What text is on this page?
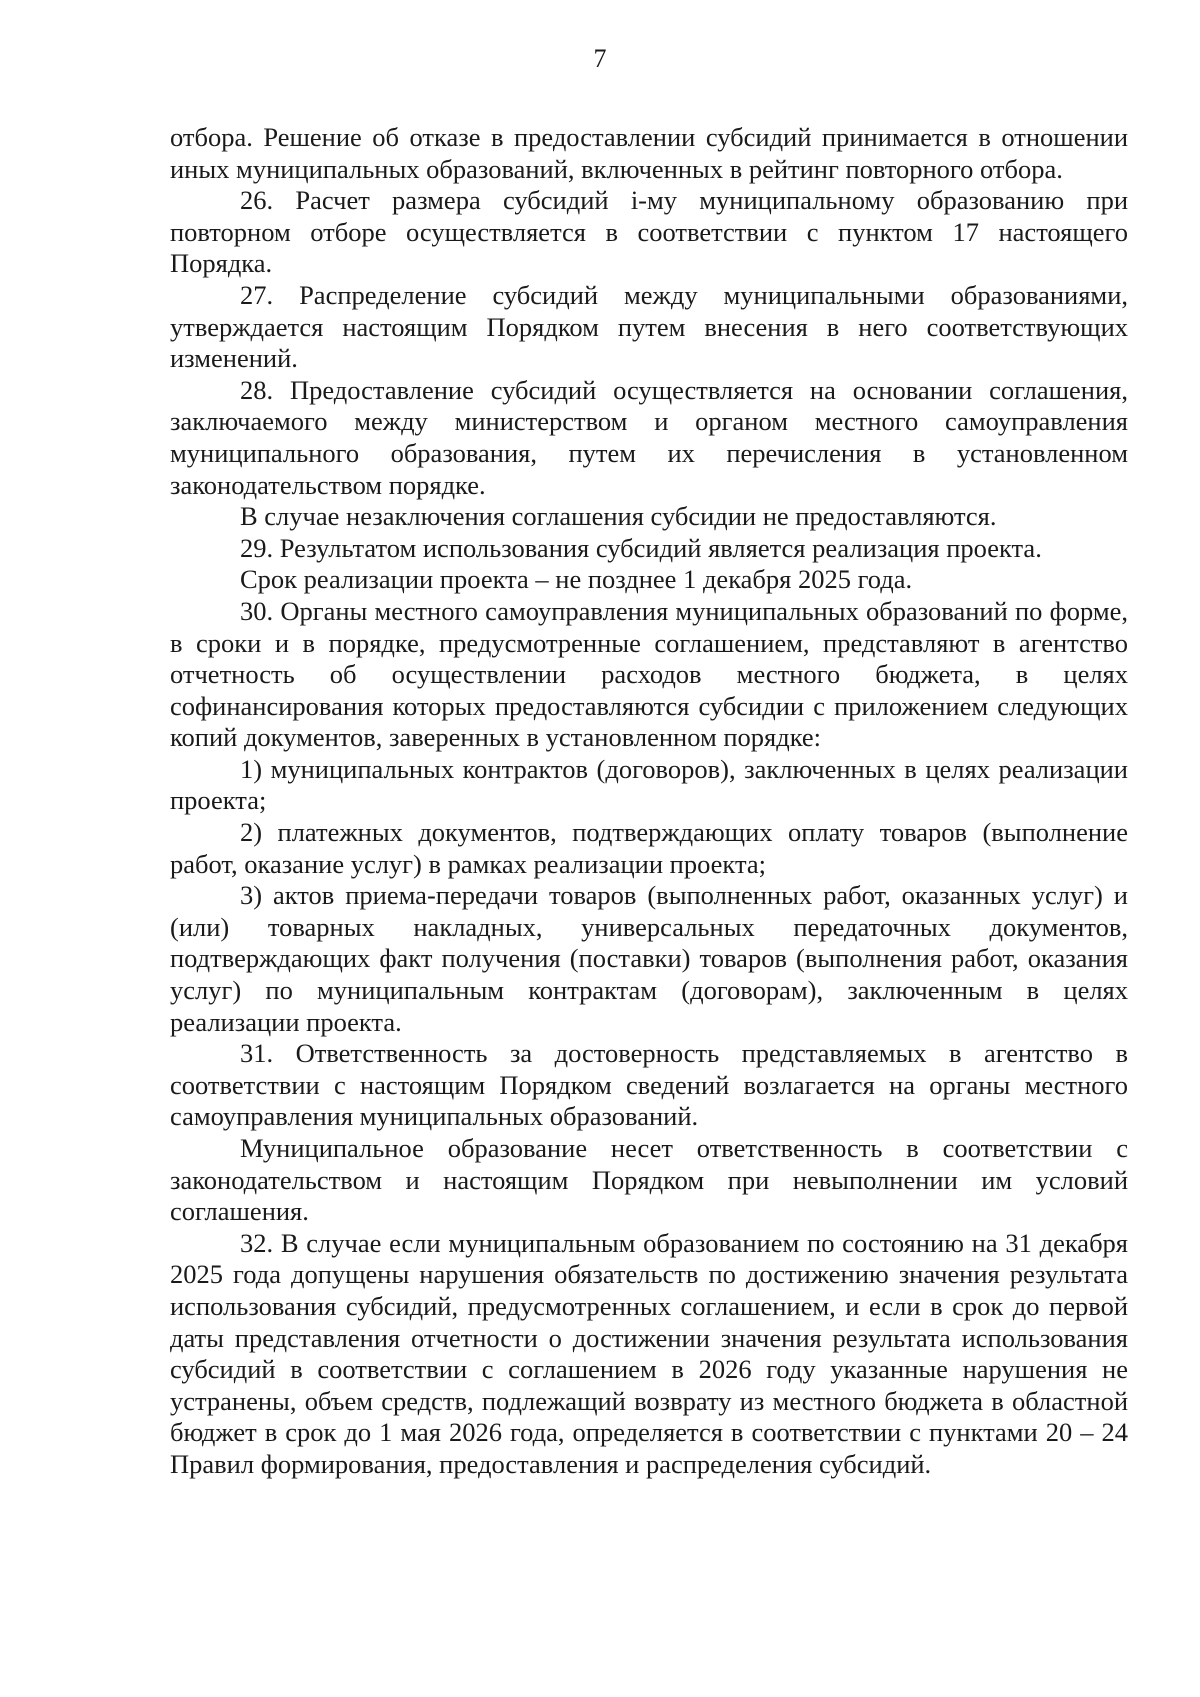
7

отбора. Решение об отказе в предоставлении субсидий принимается в отношении иных муниципальных образований, включенных в рейтинг повторного отбора.

26. Расчет размера субсидий i-му муниципальному образованию при повторном отборе осуществляется в соответствии с пунктом 17 настоящего Порядка.

27. Распределение субсидий между муниципальными образованиями, утверждается настоящим Порядком путем внесения в него соответствующих изменений.

28. Предоставление субсидий осуществляется на основании соглашения, заключаемого между министерством и органом местного самоуправления муниципального образования, путем их перечисления в установленном законодательством порядке.

В случае незаключения соглашения субсидии не предоставляются.

29. Результатом использования субсидий является реализация проекта.

Срок реализации проекта – не позднее 1 декабря 2025 года.

30. Органы местного самоуправления муниципальных образований по форме, в сроки и в порядке, предусмотренные соглашением, представляют в агентство отчетность об осуществлении расходов местного бюджета, в целях софинансирования которых предоставляются субсидии с приложением следующих копий документов, заверенных в установленном порядке:

1) муниципальных контрактов (договоров), заключенных в целях реализации проекта;

2) платежных документов, подтверждающих оплату товаров (выполнение работ, оказание услуг) в рамках реализации проекта;

3) актов приема-передачи товаров (выполненных работ, оказанных услуг) и (или) товарных накладных, универсальных передаточных документов, подтверждающих факт получения (поставки) товаров (выполнения работ, оказания услуг) по муниципальным контрактам (договорам), заключенным в целях реализации проекта.

31. Ответственность за достоверность представляемых в агентство в соответствии с настоящим Порядком сведений возлагается на органы местного самоуправления муниципальных образований.

Муниципальное образование несет ответственность в соответствии с законодательством и настоящим Порядком при невыполнении им условий соглашения.

32. В случае если муниципальным образованием по состоянию на 31 декабря 2025 года допущены нарушения обязательств по достижению значения результата использования субсидий, предусмотренных соглашением, и если в срок до первой даты представления отчетности о достижении значения результата использования субсидий в соответствии с соглашением в 2026 году указанные нарушения не устранены, объем средств, подлежащий возврату из местного бюджета в областной бюджет в срок до 1 мая 2026 года, определяется в соответствии с пунктами 20 – 24 Правил формирования, предоставления и распределения субсидий.
